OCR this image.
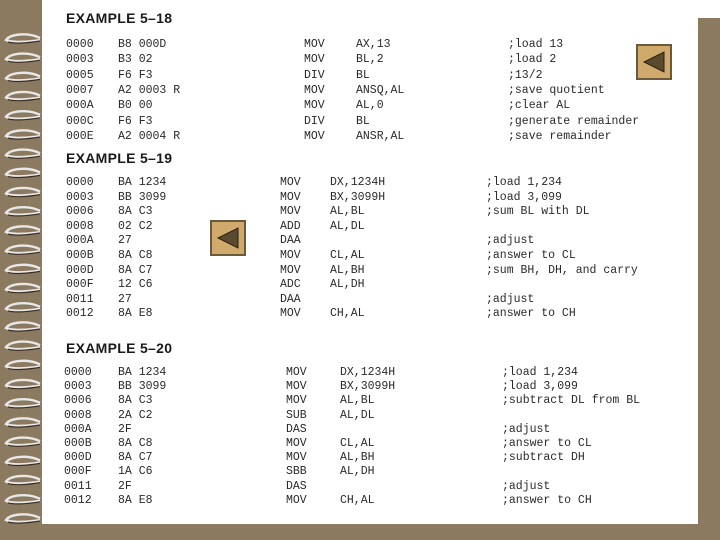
EXAMPLE 5–18
0000 B8 000D	MOV	AX,13	;load 13
0003 B3 02	MOV	BL,2	;load 2
0005 F6 F3	DIV	BL	;13/2
0007 A2 0003 R	MOV	ANSQ,AL	;save quotient
000A B0 00	MOV	AL,0	;clear AL
000C F6 F3	DIV	BL	;generate remainder
000E A2 0004 R	MOV	ANSR,AL	;save remainder
EXAMPLE 5–19
0000 BA 1234	MOV	DX,1234H	;load 1,234
0003 BB 3099	MOV	BX,3099H	;load 3,099
0006 8A C3	MOV	AL,BL	;sum BL with DL
0008 02 C2	ADD	AL,DL
000A 27	DAA	;adjust
000B 8A C8	MOV	CL,AL	;answer to CL
000D 8A C7	MOV	AL,BH	;sum BH, DH, and carry
000F 12 C6	ADC	AL,DH
0011 27	DAA	;adjust
0012 8A E8	MOV	CH,AL	;answer to CH
EXAMPLE 5–20
0000 BA 1234	MOV	DX,1234H	;load 1,234
0003 BB 3099	MOV	BX,3099H	;load 3,099
0006 8A C3	MOV	AL,BL	;subtract DL from BL
0008 2A C2	SUB	AL,DL
000A 2F	DAS	;adjust
000B 8A C8	MOV	CL,AL	;answer to CL
000D 8A C7	MOV	AL,BH	;subtract DH
000F 1A C6	SBB	AL,DH
0011 2F	DAS	;adjust
0012 8A E8	MOV	CH,AL	;answer to CH
